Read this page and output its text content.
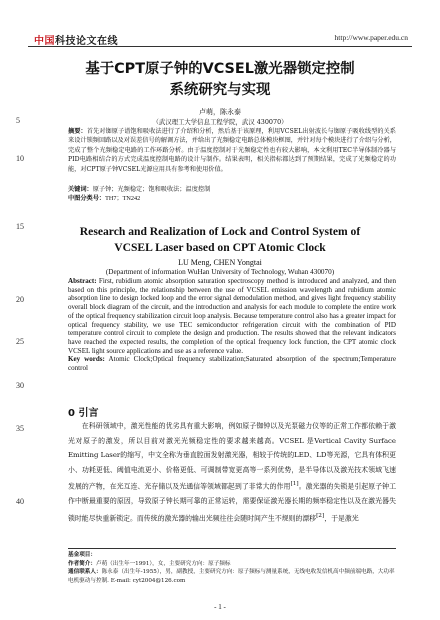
中国科技论文在线	http://www.paper.edu.cn
基于CPT原子钟的VCSEL激光器锁定控制
系统研究与实现
卢萌，陈永泰
5	（武汉理工大学信息工程学院，武汉 430070）
摘要：首先对铷原子谱饱和吸收法进行了介绍和分析，然后基于该原理，利用VCSEL出射波长与铷原子吸收线型的关系来设计锁频回路以及对误差信号的解调方法，并给出了光频稳定电路总体模块框图，并针对每个模块进行了介绍与分析，完成了整个光频稳定电路的工作环路分析。由于温度控制对于光频稳定性也有较大影响，本文利用TEC半导体制冷器与PID电路相结合的方式完成温度控制电路的设计与制作。结果表明，相关指标都达到了预期结果，完成了光频稳定的功能，对CPT原子钟VCSEL光源应用具有参考和使用价值。
10
关键词：原子钟；光频稳定；饱和吸收法；温度控制
中图分类号：TH7；TN242
15	Research and Realization of Lock and Control System of
VCSEL Laser based on CPT Atomic Clock
LU Meng, CHEN Yongtai
(Department of information WuHan University of Technology, Wuhan 430070)
20
Abstract: First, rubidium atomic absorption saturation spectroscopy method is introduced and analyzed, and then based on this principle, the relationship between the use of VCSEL emission wavelength and rubidium atomic absorption line to design locked loop and the error signal demodulation method, and gives light frequency stability overall block diagram of the circuit, and the introduction and analysis for each module to complete the entire work of the optical frequency stabilization circuit loop analysis. Because temperature control also has a greater impact for optical frequency stability, we use TEC semiconductor refrigeration circuit with the combination of PID temperature control circuit to complete the design and production. The results showed that the relevant indicators have reached the expected results, the completion of the optical frequency lock function, the CPT atomic clock VCSEL light source applications and use as a reference value.
Key words: Atomic Clock;Optical frequency stabilization;Saturated absorption of the spectrum;Temperature control
25
30
0 引言
35	在科研领域中，激光性能的优劣具有重大影响，例如原子铷钟以及光泵磁力仪等的正常工作都依赖于激光对原子的激发，所以目前对激光光频稳定性的要求越来越高。VCSEL 是Vertical Cavity Surface Emitting Laser的缩写，中文全称为垂直腔面发射激光器，相较于传统的LED、LD等光源，它具有体积更小、功耗更低、阈值电流更小、价格更低、可调制带宽更高等一系列优势，是半导体以及激光技术领域飞速发展的产物，在光互连、光存储以及光通信等领域都起到了非常大的作用[1]。激光器的失锁是引起原子钟工作中断最重要的原因，导致原子钟长期可靠的正常运转，需要保证激光器长期的频率稳定性以及在激光器失锁时能尽快重新锁定。而传统的激光器的输出光频往往会随时间产生不规则的漂移[2]，于是激光

40
基金项目：
作者简介：卢萌（出生年一1991），女，主要研究方向：原子频标
通信联系人：陈永泰（出生年-1955），男，副教授，主要研究方向：原子频标与测量系统，无线电收发信机高中频前端电路，大功率电机驱动与控制. E-mail: cyt2004@126.com
- 1 -
